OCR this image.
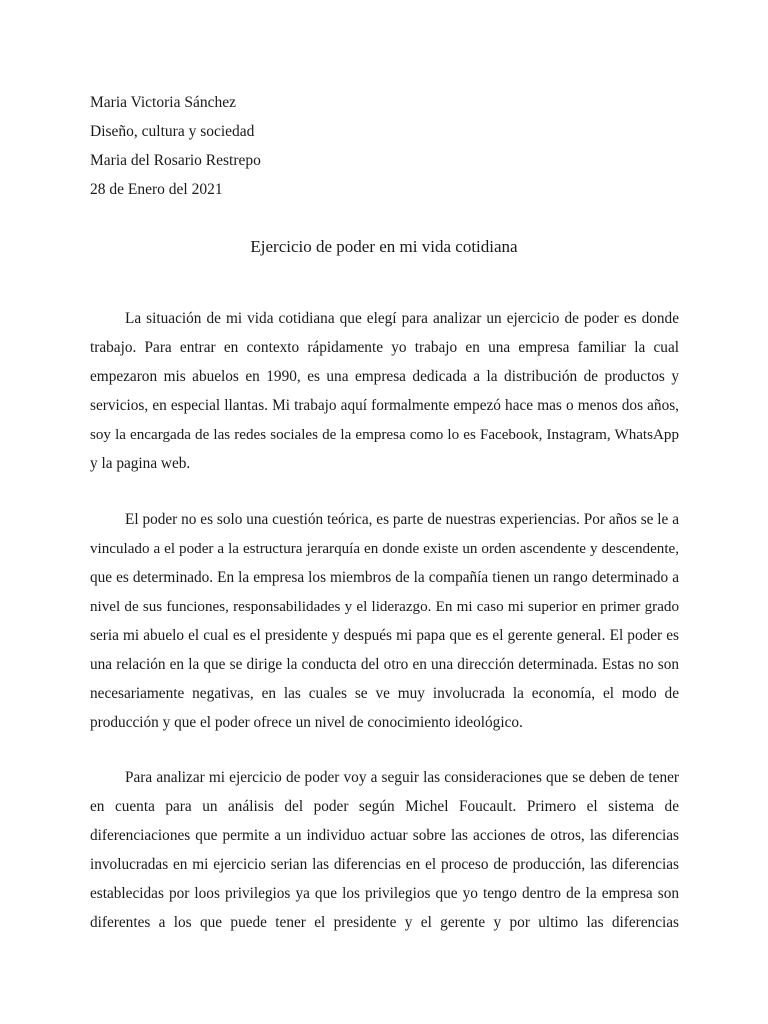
Maria Victoria Sánchez
Diseño, cultura y sociedad
Maria del Rosario Restrepo
28 de Enero del 2021
Ejercicio de poder en mi vida cotidiana
La situación de mi vida cotidiana que elegí para analizar un ejercicio de poder es donde
trabajo. Para entrar en contexto rápidamente yo trabajo en una empresa familiar la cual
empezaron mis abuelos en 1990, es una empresa dedicada a la distribución de productos y
servicios, en especial llantas. Mi trabajo aquí formalmente empezó hace mas o menos dos años,
soy la encargada de las redes sociales de la empresa como lo es Facebook, Instagram, WhatsApp
y la pagina web.
El poder no es solo una cuestión teórica, es parte de nuestras experiencias. Por años se le a
vinculado a el poder a la estructura jerarquía en donde existe un orden ascendente y descendente,
que es determinado. En la empresa los miembros de la compañía tienen un rango determinado a
nivel de sus funciones, responsabilidades y el liderazgo. En mi caso mi superior en primer grado
seria mi abuelo el cual es el presidente y después mi papa que es el gerente general. El poder es
una relación en la que se dirige la conducta del otro en una dirección determinada. Estas no son
necesariamente negativas, en las cuales se ve muy involucrada la economía, el modo de
producción y que el poder ofrece un nivel de conocimiento ideológico.
Para analizar mi ejercicio de poder voy a seguir las consideraciones que se deben de tener
en cuenta para un análisis del poder según Michel Foucault. Primero el sistema de
diferenciaciones que permite a un individuo actuar sobre las acciones de otros, las diferencias
involucradas en mi ejercicio serian las diferencias en el proceso de producción, las diferencias
establecidas por loos privilegios ya que los privilegios que yo tengo dentro de la empresa son
diferentes a los que puede tener el presidente y el gerente y por ultimo las diferencias
